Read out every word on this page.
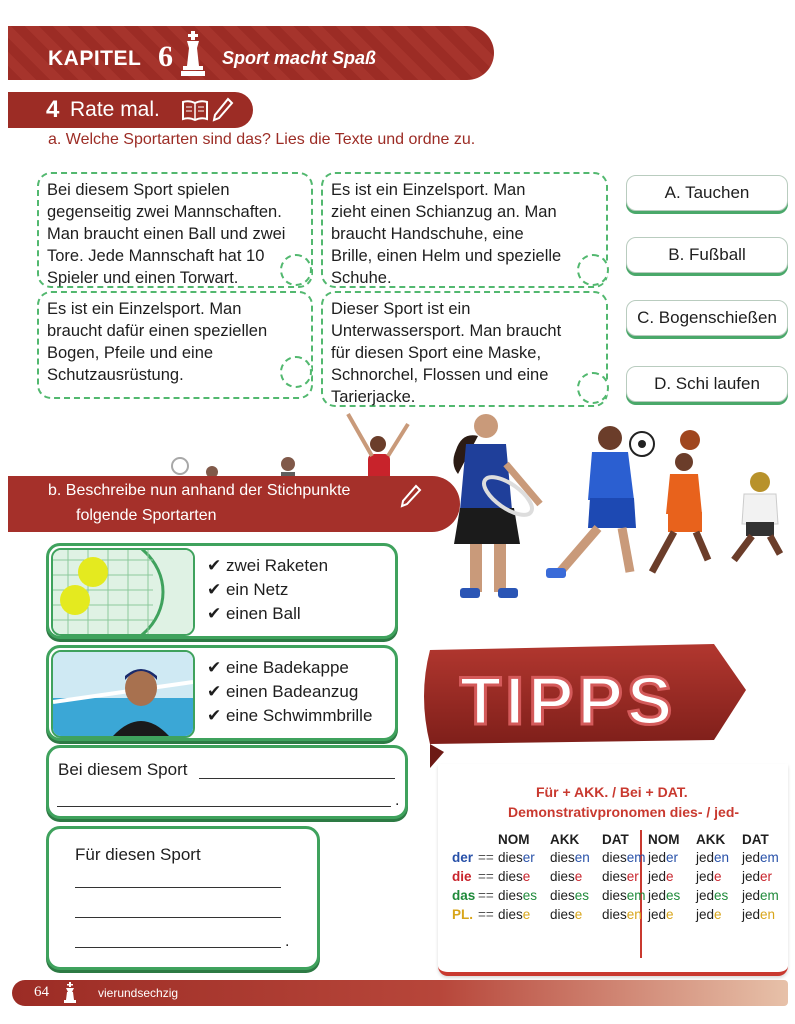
KAPITEL 6	Sport macht Spaß
4 Rate mal.
a. Welche Sportarten sind das? Lies die Texte und ordne zu.
Bei diesem Sport spielen
gegenseitig zwei Mannschaften.
Man braucht einen Ball und zwei
Tore. Jede Mannschaft hat 10
Spieler und einen Torwart.
Es ist ein Einzelsport. Man
zieht einen Schianzug an. Man
braucht Handschuhe, eine
Brille, einen Helm und spezielle
Schuhe.
Es ist ein Einzelsport. Man
braucht dafür einen speziellen
Bogen, Pfeile und eine
Schutzausrüstung.
Dieser Sport ist ein
Unterwassersport. Man braucht
für diesen Sport eine Maske,
Schnorchel, Flossen und eine
Tarierjacke.
A. Tauchen
B. Fußball
C. Bogenschießen
D. Schi laufen
b. Beschreibe nun anhand der Stichpunkte
folgende Sportarten
✔ zwei Raketen
✔ ein Netz
✔ einen Ball
✔ eine Badekappe
✔ einen Badeanzug
✔ eine Schwimmbrille
Bei diesem Sport
.
Für diesen Sport
.
TIPPS
Für + AKK. / Bei + DAT.
Demonstrativpronomen dies- / jed-
NOM AKK DAT NOM AKK DAT
der == dieser diesen diesem jeder jeden jedem
die == diese diese dieser jede jede jeder
das == dieses dieses diesem jedes jedes jedem
PL. == diese diese diesen jede jede jeden
64	vierundsechzig
